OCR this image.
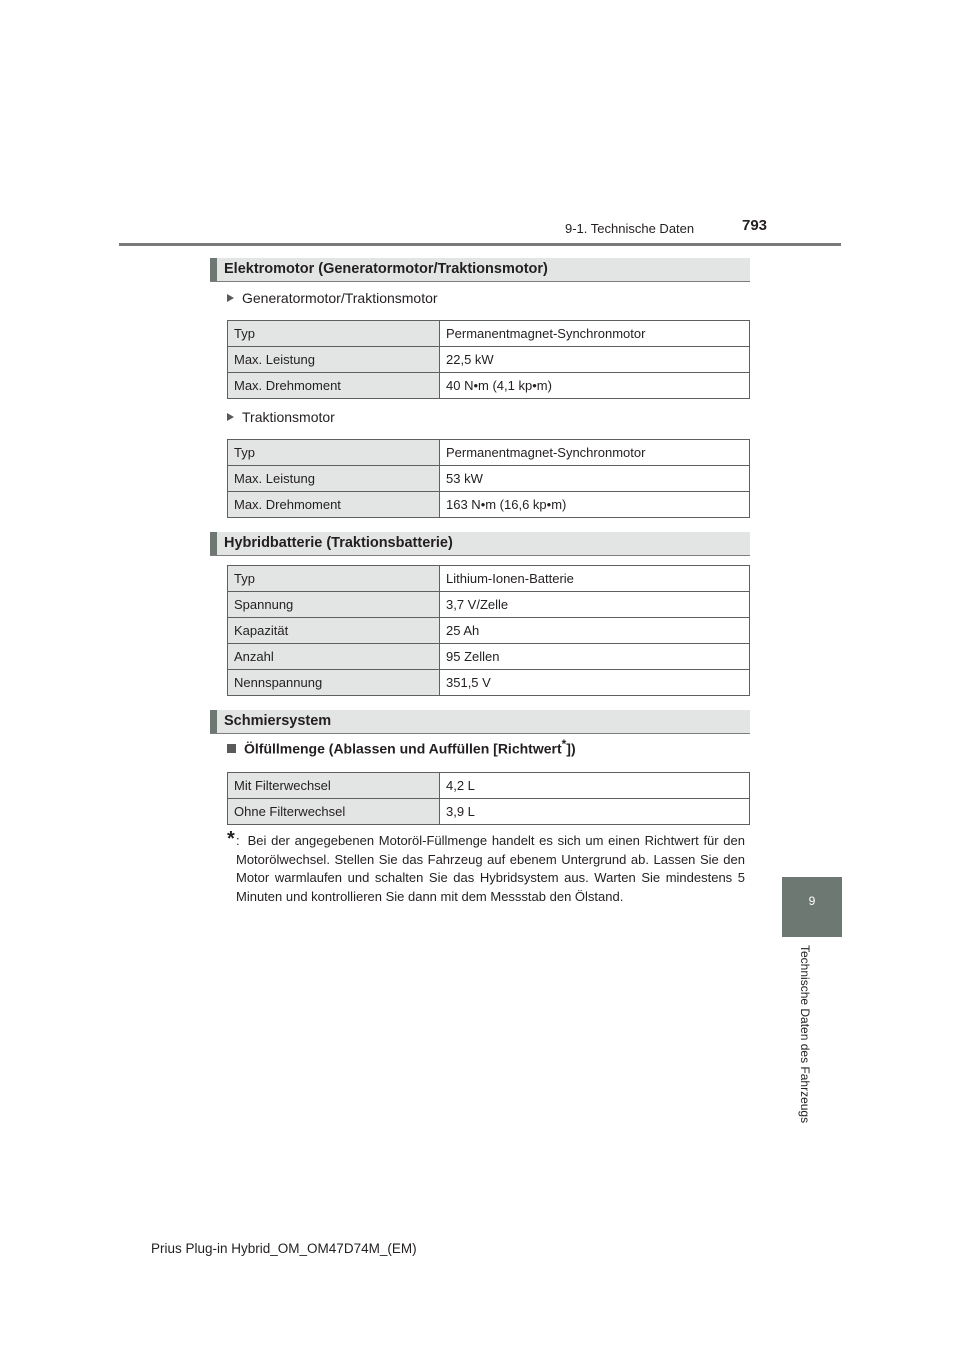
9-1. Technische Daten	793
9
Technische Daten des Fahrzeugs
Elektromotor (Generatormotor/Traktionsmotor)
Generatormotor/Traktionsmotor
Typ	Permanentmagnet-Synchronmotor
Max. Leistung	22,5 kW
Max. Drehmoment	40 N•m (4,1 kp•m)
Traktionsmotor
Typ	Permanentmagnet-Synchronmotor
Max. Leistung	53 kW
Max. Drehmoment	163 N•m (16,6 kp•m)
Hybridbatterie (Traktionsbatterie)
Typ	Lithium-Ionen-Batterie
Spannung	3,7 V/Zelle
Kapazität	25 Ah
Anzahl	95 Zellen
Nennspannung	351,5 V
Schmiersystem
Ölfüllmenge (Ablassen und Auffüllen [Richtwert*])
Mit Filterwechsel	4,2 L
Ohne Filterwechsel	3,9 L
* : Bei der angegebenen Motoröl-Füllmenge handelt es sich um einen Richtwert für den Motorölwechsel. Stellen Sie das Fahrzeug auf ebenem Untergrund ab. Lassen Sie den Motor warmlaufen und schalten Sie das Hybridsystem aus. Warten Sie mindestens 5 Minuten und kontrollieren Sie dann mit dem Messstab den Ölstand.
Prius Plug-in Hybrid_OM_OM47D74M_(EM)
